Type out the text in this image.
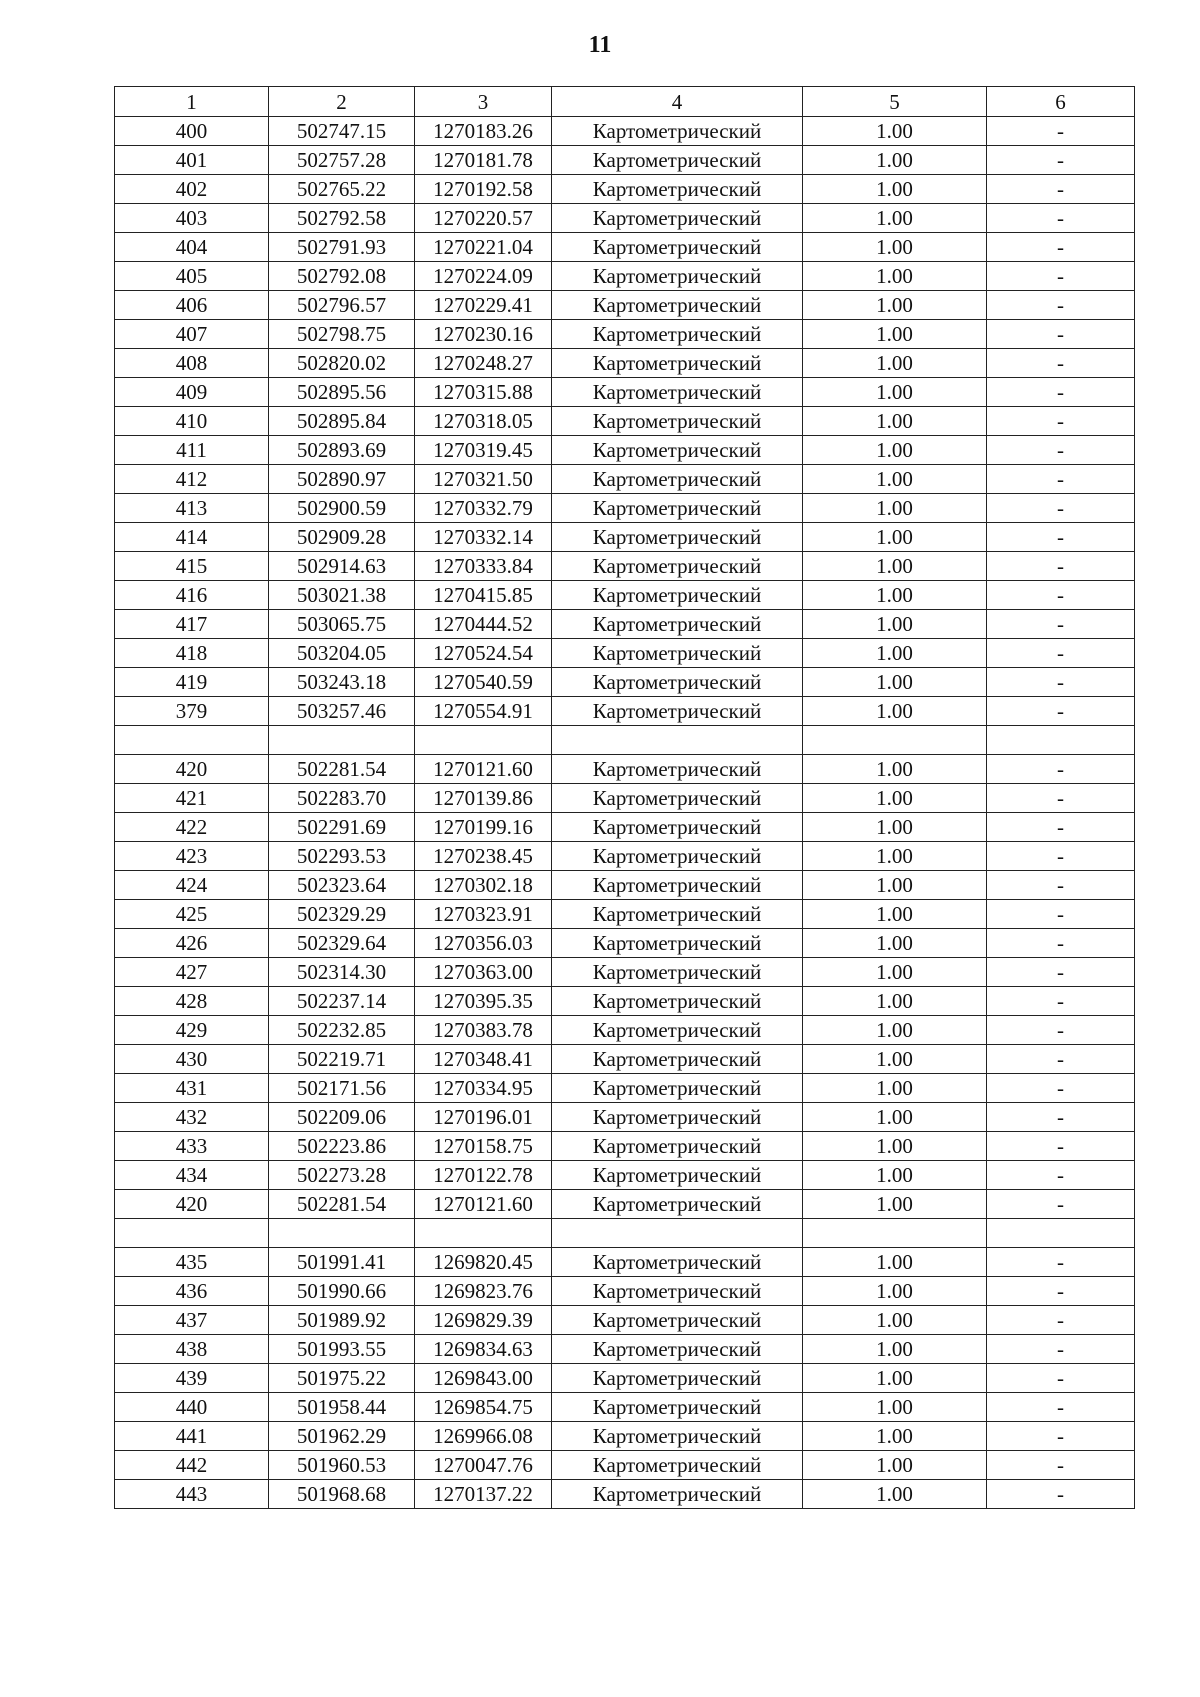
11
1	2	3	4	5	6
400	502747.15	1270183.26	Картометрический	1.00	-
401	502757.28	1270181.78	Картометрический	1.00	-
402	502765.22	1270192.58	Картометрический	1.00	-
403	502792.58	1270220.57	Картометрический	1.00	-
404	502791.93	1270221.04	Картометрический	1.00	-
405	502792.08	1270224.09	Картометрический	1.00	-
406	502796.57	1270229.41	Картометрический	1.00	-
407	502798.75	1270230.16	Картометрический	1.00	-
408	502820.02	1270248.27	Картометрический	1.00	-
409	502895.56	1270315.88	Картометрический	1.00	-
410	502895.84	1270318.05	Картометрический	1.00	-
411	502893.69	1270319.45	Картометрический	1.00	-
412	502890.97	1270321.50	Картометрический	1.00	-
413	502900.59	1270332.79	Картометрический	1.00	-
414	502909.28	1270332.14	Картометрический	1.00	-
415	502914.63	1270333.84	Картометрический	1.00	-
416	503021.38	1270415.85	Картометрический	1.00	-
417	503065.75	1270444.52	Картометрический	1.00	-
418	503204.05	1270524.54	Картометрический	1.00	-
419	503243.18	1270540.59	Картометрический	1.00	-
379	503257.46	1270554.91	Картометрический	1.00	-

420	502281.54	1270121.60	Картометрический	1.00	-
421	502283.70	1270139.86	Картометрический	1.00	-
422	502291.69	1270199.16	Картометрический	1.00	-
423	502293.53	1270238.45	Картометрический	1.00	-
424	502323.64	1270302.18	Картометрический	1.00	-
425	502329.29	1270323.91	Картометрический	1.00	-
426	502329.64	1270356.03	Картометрический	1.00	-
427	502314.30	1270363.00	Картометрический	1.00	-
428	502237.14	1270395.35	Картометрический	1.00	-
429	502232.85	1270383.78	Картометрический	1.00	-
430	502219.71	1270348.41	Картометрический	1.00	-
431	502171.56	1270334.95	Картометрический	1.00	-
432	502209.06	1270196.01	Картометрический	1.00	-
433	502223.86	1270158.75	Картометрический	1.00	-
434	502273.28	1270122.78	Картометрический	1.00	-
420	502281.54	1270121.60	Картометрический	1.00	-

435	501991.41	1269820.45	Картометрический	1.00	-
436	501990.66	1269823.76	Картометрический	1.00	-
437	501989.92	1269829.39	Картометрический	1.00	-
438	501993.55	1269834.63	Картометрический	1.00	-
439	501975.22	1269843.00	Картометрический	1.00	-
440	501958.44	1269854.75	Картометрический	1.00	-
441	501962.29	1269966.08	Картометрический	1.00	-
442	501960.53	1270047.76	Картометрический	1.00	-
443	501968.68	1270137.22	Картометрический	1.00	-
